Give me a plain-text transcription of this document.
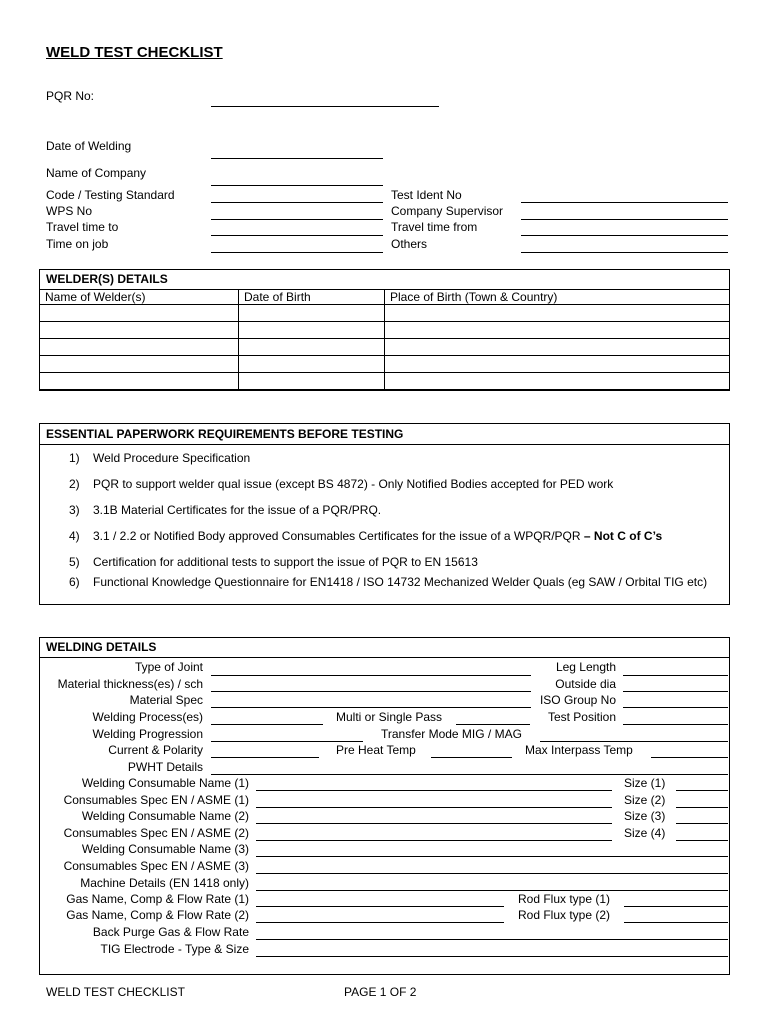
WELD TEST CHECKLIST
PQR No:
Date of Welding
Name of Company
Code / Testing Standard	Test Ident No
WPS No	Company Supervisor
Travel time to	Travel time from
Time on job	Others
WELDER(S) DETAILS
Name of Welder(s)	Date of Birth	Place of Birth (Town & Country)

ESSENTIAL PAPERWORK REQUIREMENTS BEFORE TESTING
1) Weld Procedure Specification
2) PQR to support welder qual issue (except BS 4872) - Only Notified Bodies accepted for PED work
3) 3.1B Material Certificates for the issue of a PQR/PRQ.
4) 3.1 / 2.2 or Notified Body approved Consumables Certificates for the issue of a WPQR/PQR – Not C of C’s
5) Certification for additional tests to support the issue of PQR to EN 15613
6) Functional Knowledge Questionnaire for EN1418 / ISO 14732 Mechanized Welder Quals (eg SAW / Orbital TIG etc)
WELDING DETAILS
Type of Joint	Leg Length
Material thickness(es) / sch	Outside dia
Material Spec	ISO Group No
Welding Process(es)	Multi or Single Pass	Test Position
Welding Progression	Transfer Mode MIG / MAG
Current & Polarity	Pre Heat Temp	Max Interpass Temp
PWHT Details
Welding Consumable Name (1)	Size (1)
Consumables Spec EN / ASME (1)	Size (2)
Welding Consumable Name (2)	Size (3)
Consumables Spec EN / ASME (2)	Size (4)
Welding Consumable Name (3)
Consumables Spec EN / ASME (3)
Machine Details (EN 1418 only)
Gas Name, Comp & Flow Rate (1)	Rod Flux type (1)
Gas Name, Comp & Flow Rate (2)	Rod Flux type (2)
Back Purge Gas & Flow Rate
TIG Electrode - Type & Size
WELD TEST CHECKLIST	PAGE 1 OF 2
